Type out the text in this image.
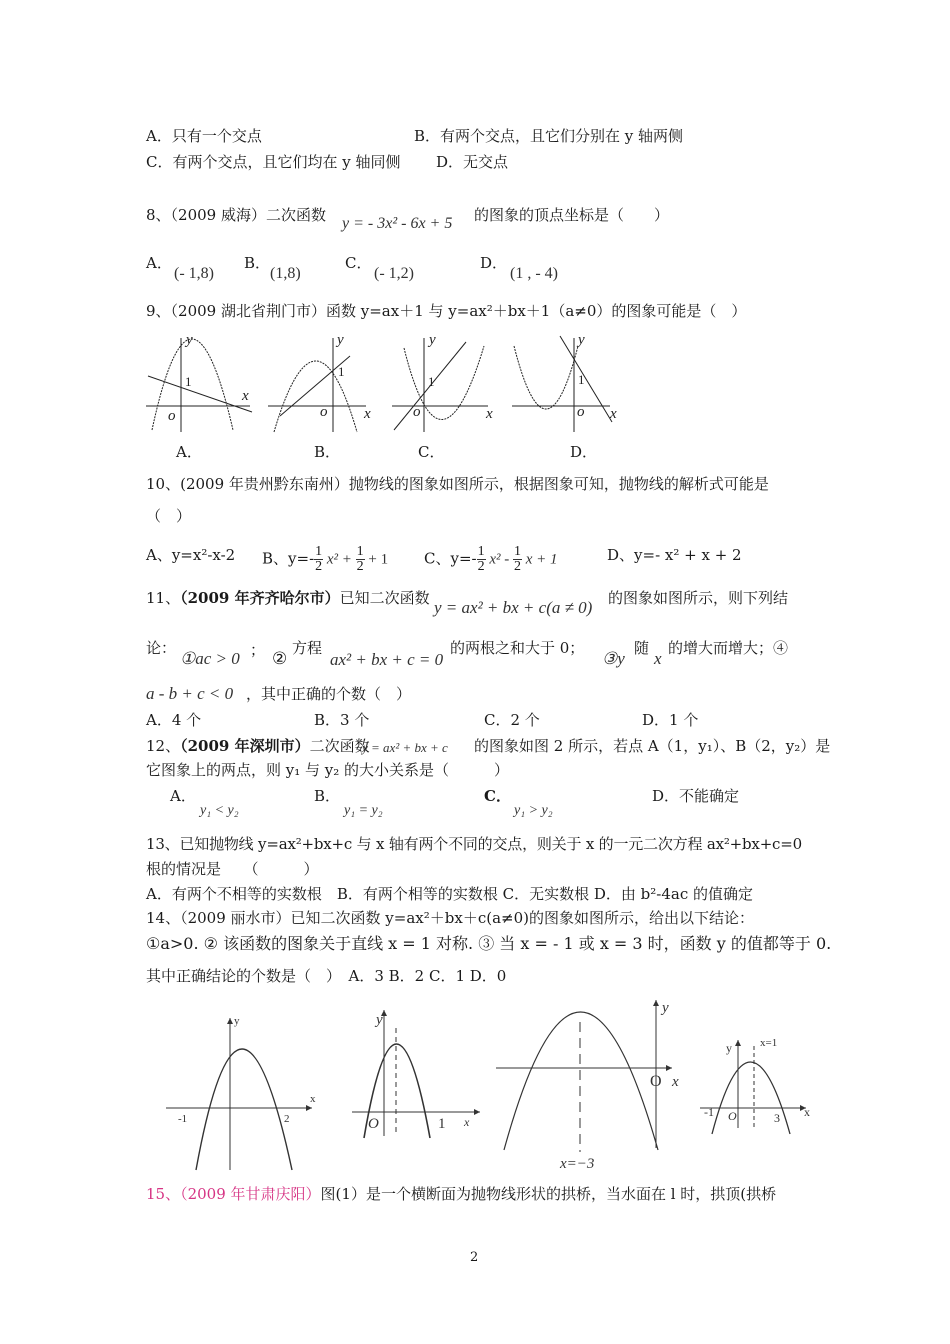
A．只有一个交点	B．有两个交点，且它们分别在 y 轴两侧
C．有两个交点，且它们均在 y 轴同侧 D．无交点
8、（2009 威海）二次函数 y = - 3x² - 6x + 5 的图象的顶点坐标是（　　）
A．
(- 1,8)
B．
(1,8)
C．
(- 1,2)
D．
(1 , - 4)
9、（2009 湖北省荆门市）函数 y=ax＋1 与 y=ax²＋bx＋1（a≠0）的图象可能是（　）
y
x
o
y
x
o
y
x
o
y
x
o
1
1
1	1
A．	B．	C．	D．
10、(2009 年贵州黔东南州）抛物线的图象如图所示，根据图象可知，抛物线的解析式可能是
（　）
A、y=x²-x-2 B、$y=- \frac{1}{2} x^2 + \frac{1}{2} + 1$ C、$y=- \frac{1}{2} x^2 - \frac{1}{2}$ x + 1	D、y=- x² + x + 2
11、（2009 年齐齐哈尔市）已知二次函数 y = ax² + bx + c(a ≠ 0) 的图象如图所示，则下列结
论：
①ac > 0 ； ②
方程
ax² + bx + c = 0
的两根之和大于 0；
③y
随
x
的增大而增大；④
a - b + c < 0 ，其中正确的个数（　）
A．4 个	B．3 个	C．2 个	D．1 个
12、（2009 年深圳市）二次函数
y = ax² + bx + c 的图象如图 2 所示，若点 A（1，y₁）、B（2，y₂）是
它图象上的两点，则 y₁ 与 y₂ 的大小关系是（　　　）
A．
y₁ < y₂
B．
y₁ = y₂
C．
y₁ > y₂
D．不能确定
13、已知抛物线 y=ax²+bx+c 与 x 轴有两个不同的交点，则关于 x 的一元二次方程 ax²+bx+c=0
根的情况是　　（　　　）
A．有两个不相等的实数根　B．有两个相等的实数根 C．无实数根 D．由 b²-4ac 的值确定
14、（2009 丽水市）已知二次函数 y=ax²＋bx＋c(a≠0)的图象如图所示，给出以下结论：
①a>0. ② 该函数的图象关于直线 x = 1 对称. ③ 当 x = - 1 或 x = 3 时，函数 y 的值都等于 0.
其中正确结论的个数是（　）　A．3 B．2 C．1 D．0
y
x
-1	2
y
O	1 x
y
O x
x=−3
y	x=1
x
-1 O	3
15、（2009 年甘肃庆阳）图(1）是一个横断面为抛物线形状的拱桥，当水面在 l 时，拱顶(拱桥
2
